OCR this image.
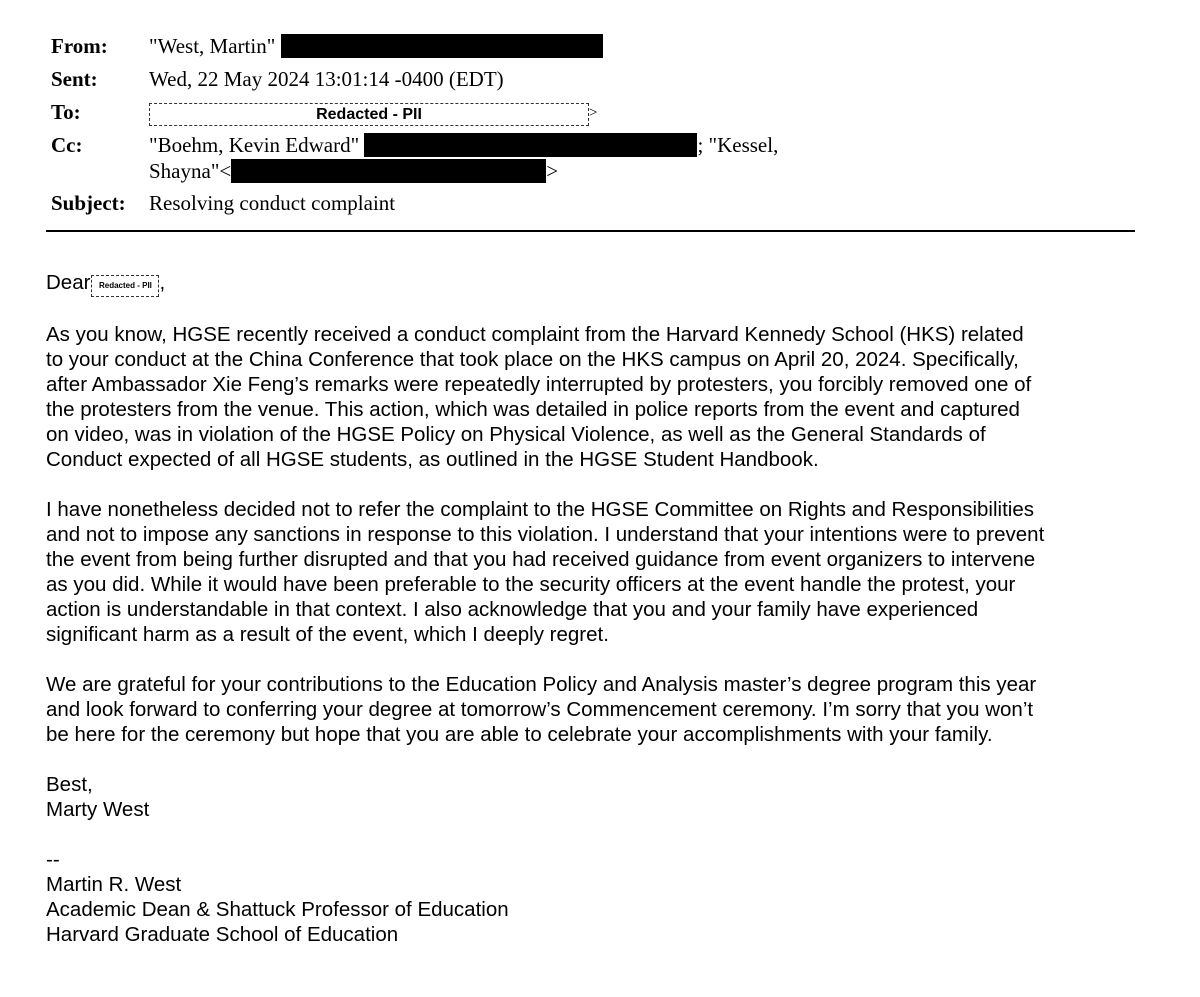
From: "West, Martin"
Sent: Wed, 22 May 2024 13:01:14 -0400 (EDT)
To:	Redacted - PII	>
Cc:	"Boehm, Kevin Edward"	; "Kessel,
Shayna"<	>
Subject: Resolving conduct complaint

Dear Redacted - PII ,

As you know, HGSE recently received a conduct complaint from the Harvard Kennedy School (HKS) related
to your conduct at the China Conference that took place on the HKS campus on April 20, 2024. Specifically,
after Ambassador Xie Feng’s remarks were repeatedly interrupted by protesters, you forcibly removed one of
the protesters from the venue. This action, which was detailed in police reports from the event and captured
on video, was in violation of the HGSE Policy on Physical Violence, as well as the General Standards of
Conduct expected of all HGSE students, as outlined in the HGSE Student Handbook.

I have nonetheless decided not to refer the complaint to the HGSE Committee on Rights and Responsibilities
and not to impose any sanctions in response to this violation. I understand that your intentions were to prevent
the event from being further disrupted and that you had received guidance from event organizers to intervene
as you did. While it would have been preferable to the security officers at the event handle the protest, your
action is understandable in that context. I also acknowledge that you and your family have experienced
significant harm as a result of the event, which I deeply regret.

We are grateful for your contributions to the Education Policy and Analysis master’s degree program this year
and look forward to conferring your degree at tomorrow’s Commencement ceremony. I’m sorry that you won’t
be here for the ceremony but hope that you are able to celebrate your accomplishments with your family.

Best,

Marty West

--

Martin R. West

Academic Dean & Shattuck Professor of Education

Harvard Graduate School of Education
